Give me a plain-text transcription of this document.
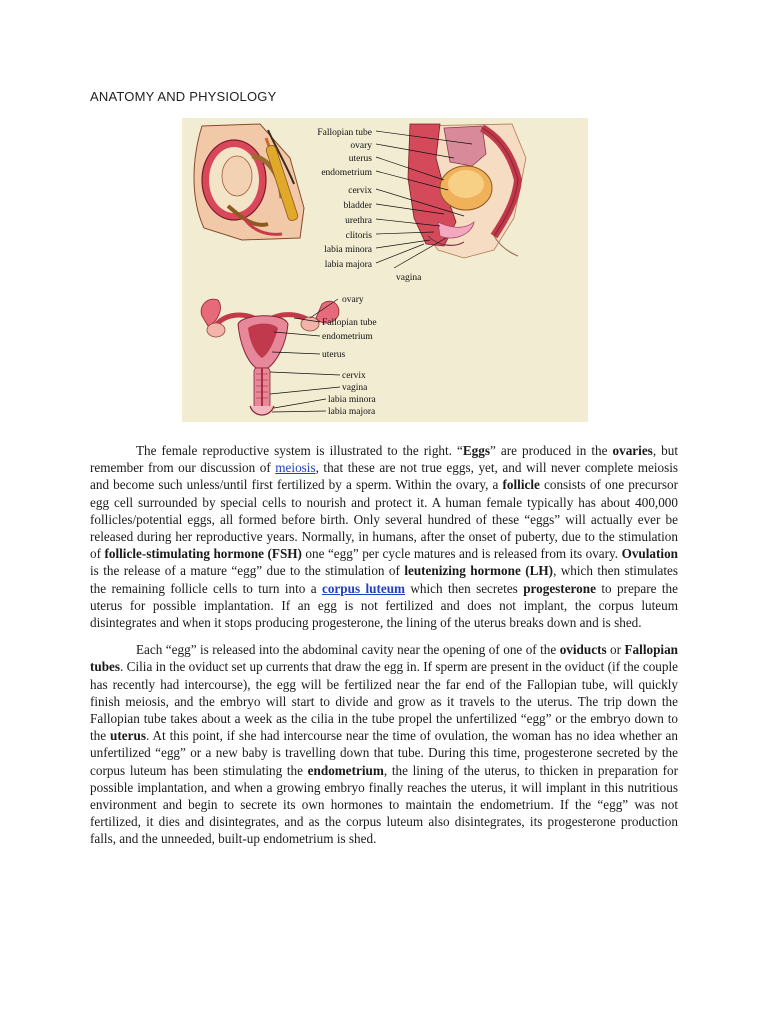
ANATOMY AND PHYSIOLOGY
Fallopian tube
ovary
uterus
endometrium
cervix
bladder
urethra
clitoris
labia minora
labia majora
vagina
ovary
Fallopian tube
endometrium
uterus
cervix
vagina
labia minora
labia majora

The female reproductive system is illustrated to the right. “Eggs” are produced in the ovaries, but remember from our discussion of meiosis, that these are not true eggs, yet, and will never complete meiosis and become such unless/until first fertilized by a sperm. Within the ovary, a follicle consists of one precursor egg cell surrounded by special cells to nourish and protect it. A human female typically has about 400,000 follicles/potential eggs, all formed before birth. Only several hundred of these “eggs” will actually ever be released during her reproductive years. Normally, in humans, after the onset of puberty, due to the stimulation of follicle-stimulating hormone (FSH) one “egg” per cycle matures and is released from its ovary. Ovulation is the release of a mature “egg” due to the stimulation of leutenizing hormone (LH), which then stimulates the remaining follicle cells to turn into a corpus luteum which then secretes progesterone to prepare the uterus for possible implantation. If an egg is not fertilized and does not implant, the corpus luteum disintegrates and when it stops producing progesterone, the lining of the uterus breaks down and is shed.

Each “egg” is released into the abdominal cavity near the opening of one of the oviducts or Fallopian tubes. Cilia in the oviduct set up currents that draw the egg in. If sperm are present in the oviduct (if the couple has recently had intercourse), the egg will be fertilized near the far end of the Fallopian tube, will quickly finish meiosis, and the embryo will start to divide and grow as it travels to the uterus. The trip down the Fallopian tube takes about a week as the cilia in the tube propel the unfertilized “egg” or the embryo down to the uterus. At this point, if she had intercourse near the time of ovulation, the woman has no idea whether an unfertilized “egg” or a new baby is travelling down that tube. During this time, progesterone secreted by the corpus luteum has been stimulating the endometrium, the lining of the uterus, to thicken in preparation for possible implantation, and when a growing embryo finally reaches the uterus, it will implant in this nutritious environment and begin to secrete its own hormones to maintain the endometrium. If the “egg” was not fertilized, it dies and disintegrates, and as the corpus luteum also disintegrates, its progesterone production falls, and the unneeded, built-up endometrium is shed.
